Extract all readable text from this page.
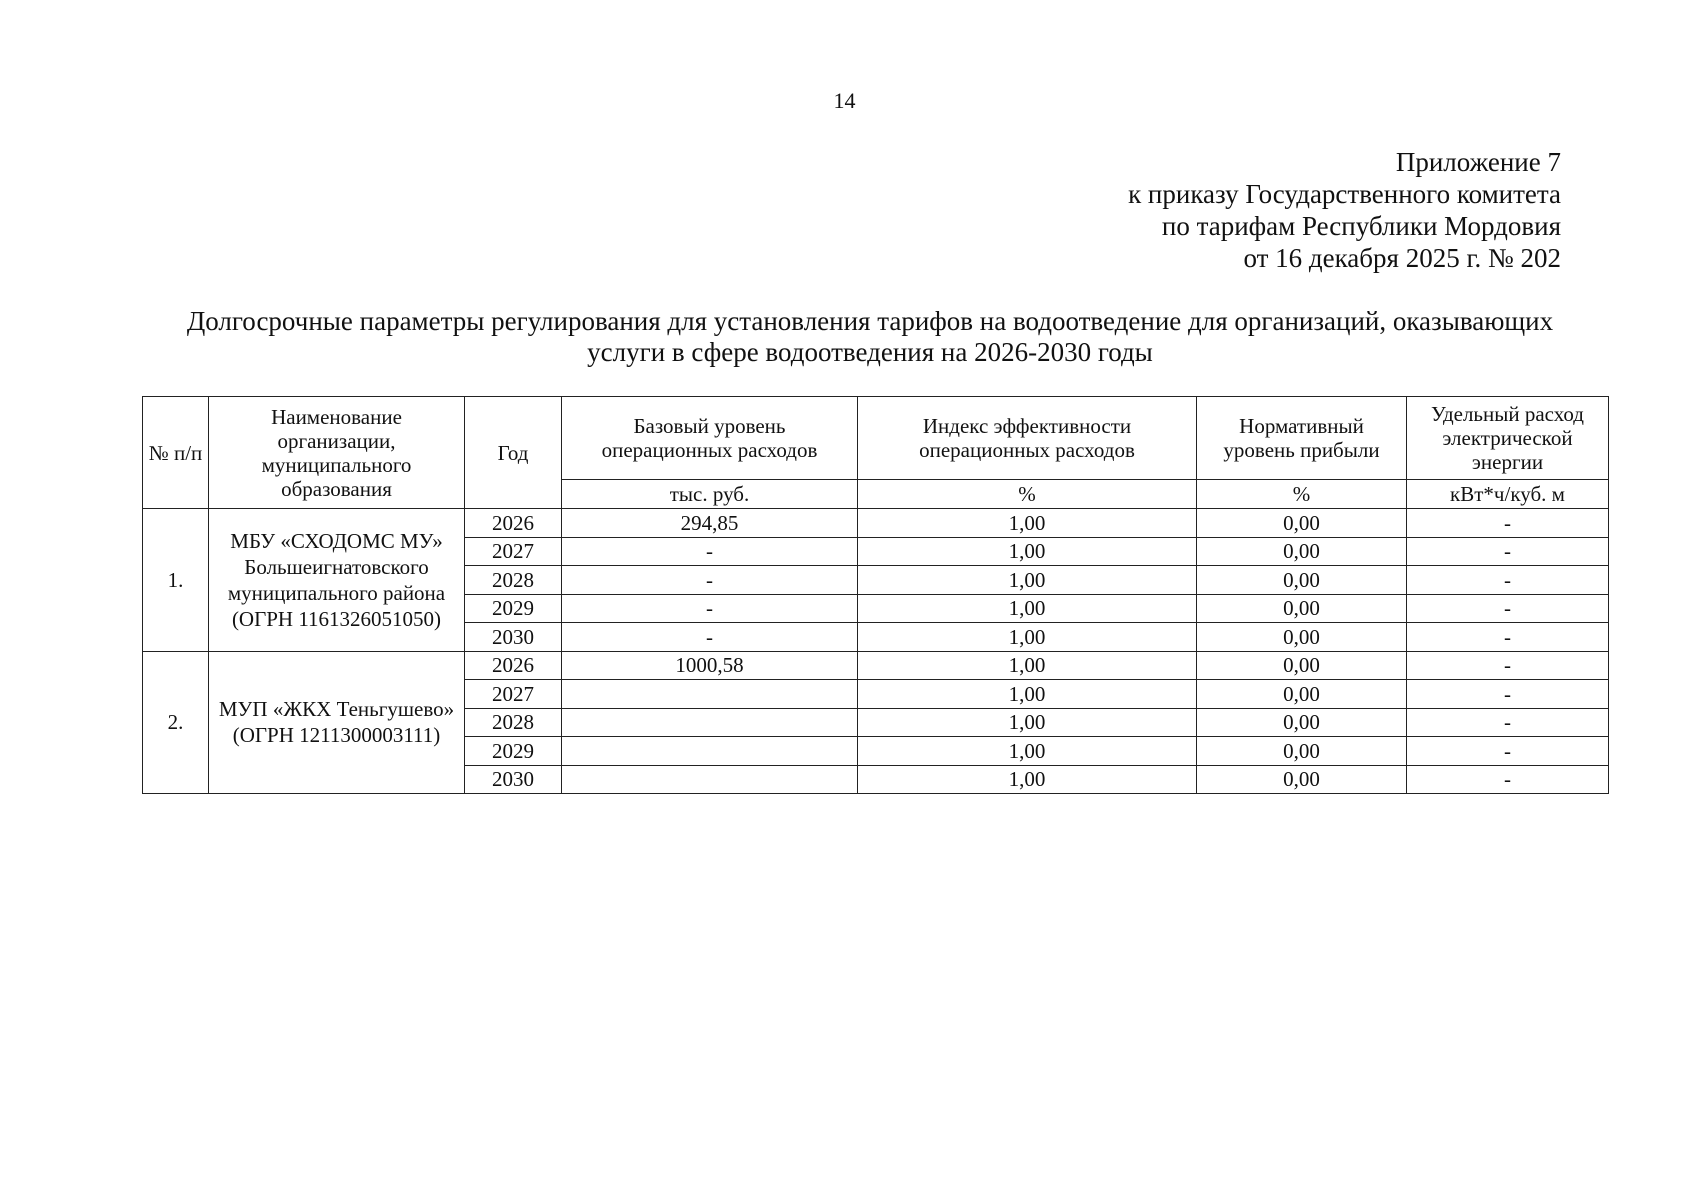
14
Приложение 7
к приказу Государственного комитета
по тарифам Республики Мордовия
от 16 декабря 2025 г. № 202
Долгосрочные параметры регулирования для установления тарифов на водоотведение для организаций, оказывающих
услуги в сфере водоотведения на 2026-2030 годы
№ п/п	Наименование организации, муниципального образования	Год	Базовый уровень операционных расходов	Индекс эффективности операционных расходов	Нормативный уровень прибыли	Удельный расход электрической энергии
			тыс. руб.	%	%	кВт*ч/куб. м
1.	МБУ «СХОДОМС МУ» Большеигнатовского муниципального района (ОГРН 1161326051050)	2026	294,85	1,00	0,00	-
		2027	-	1,00	0,00	-
		2028	-	1,00	0,00	-
		2029	-	1,00	0,00	-
		2030	-	1,00	0,00	-
2.	МУП «ЖКХ Теньгушево» (ОГРН 1211300003111)	2026	1000,58	1,00	0,00	-
		2027		1,00	0,00	-
		2028		1,00	0,00	-
		2029		1,00	0,00	-
		2030		1,00	0,00	-
